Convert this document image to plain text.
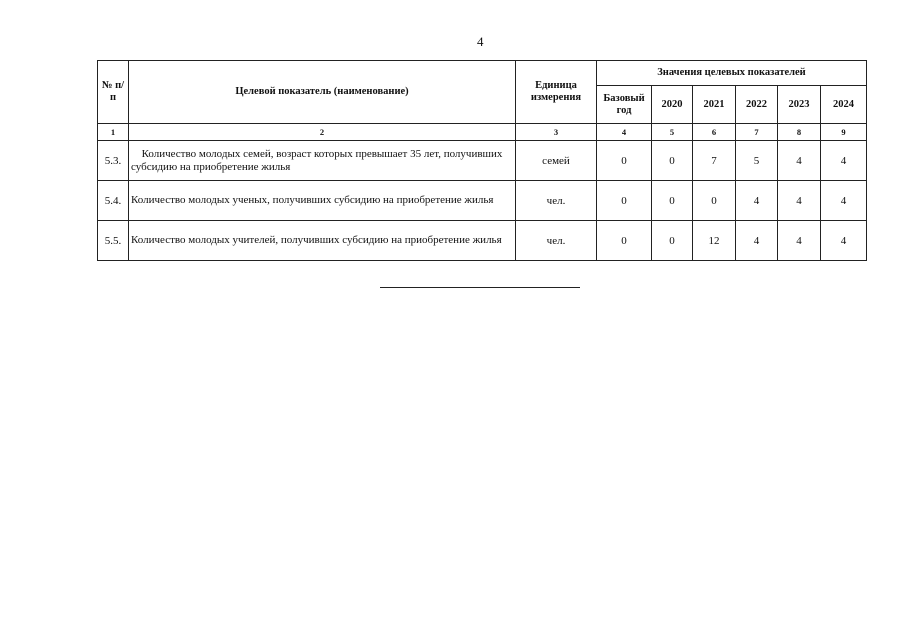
4
№ п/п	Целевой показатель (наименование)	Единица измерения	Значения целевых показателей					
			Базовый год	2020	2021	2022	2023	2024
1	2	3	4	5	6	7	8	9
5.3.	Количество молодых семей, возраст которых превышает 35 лет, получивших субсидию на приобретение жилья	семей	0	0	7	5	4	4
5.4.	Количество молодых ученых, получивших субсидию на приобретение жилья	чел.	0	0	0	4	4	4
5.5.	Количество молодых учителей, получивших субсидию на приобретение жилья	чел.	0	0	12	4	4	4
